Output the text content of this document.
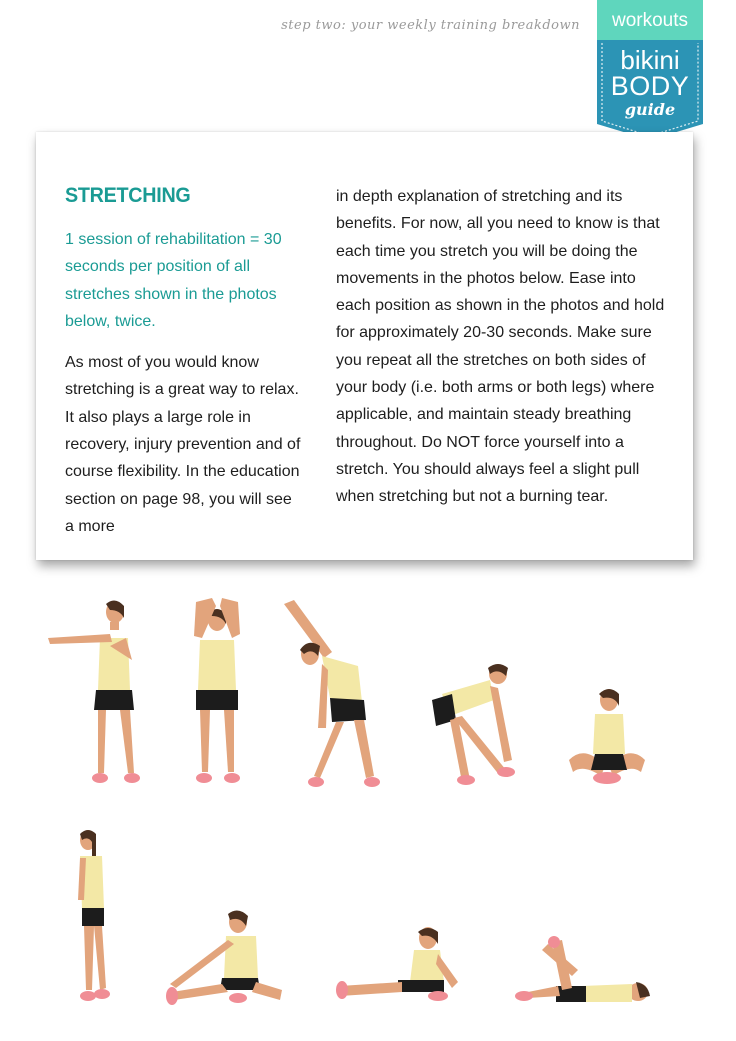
step two: your weekly training breakdown	workouts
bikini
BODY
guide
STRETCHING

1 session of rehabilitation = 30 seconds per position of all stretches shown in the photos below, twice.

As most of you would know stretching is a great way to relax. It also plays a large role in recovery, injury prevention and of course flexibility. In the education section on page 98, you will see a more

in depth explanation of stretching and its benefits. For now, all you need to know is that each time you stretch you will be doing the movements in the photos below. Ease into each position as shown in the photos and hold for approximately 20-30 seconds. Make sure you repeat all the stretches on both sides of your body (i.e. both arms or both legs) where applicable, and maintain steady breathing throughout. Do NOT force yourself into a stretch. You should always feel a slight pull when stretching but not a burning tear.
